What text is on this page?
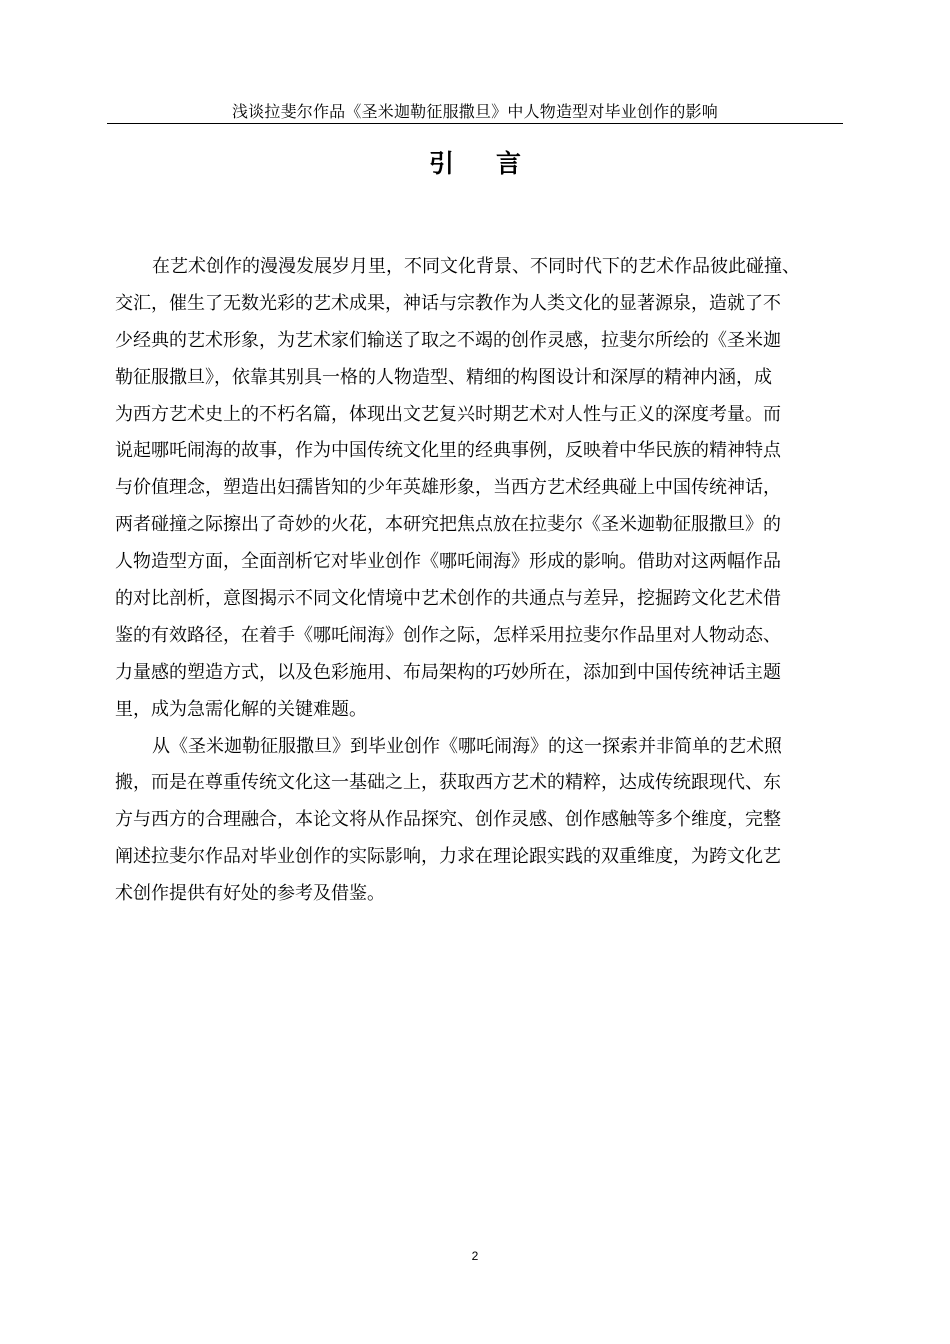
浅谈拉斐尔作品《圣米迦勒征服撒旦》中人物造型对毕业创作的影响
引言
在艺术创作的漫漫发展岁月里，不同文化背景、不同时代下的艺术作品彼此碰撞、
交汇，催生了无数光彩的艺术成果，神话与宗教作为人类文化的显著源泉，造就了不
少经典的艺术形象，为艺术家们输送了取之不竭的创作灵感，拉斐尔所绘的《圣米迦
勒征服撒旦》，依靠其别具一格的人物造型、精细的构图设计和深厚的精神内涵，成
为西方艺术史上的不朽名篇，体现出文艺复兴时期艺术对人性与正义的深度考量。而
说起哪吒闹海的故事，作为中国传统文化里的经典事例，反映着中华民族的精神特点
与价值理念，塑造出妇孺皆知的少年英雄形象，当西方艺术经典碰上中国传统神话，
两者碰撞之际擦出了奇妙的火花，本研究把焦点放在拉斐尔《圣米迦勒征服撒旦》的
人物造型方面，全面剖析它对毕业创作《哪吒闹海》形成的影响。借助对这两幅作品
的对比剖析，意图揭示不同文化情境中艺术创作的共通点与差异，挖掘跨文化艺术借
鉴的有效路径，在着手《哪吒闹海》创作之际，怎样采用拉斐尔作品里对人物动态、
力量感的塑造方式，以及色彩施用、布局架构的巧妙所在，添加到中国传统神话主题
里，成为急需化解的关键难题。
从《圣米迦勒征服撒旦》到毕业创作《哪吒闹海》的这一探索并非简单的艺术照
搬，而是在尊重传统文化这一基础之上，获取西方艺术的精粹，达成传统跟现代、东
方与西方的合理融合，本论文将从作品探究、创作灵感、创作感触等多个维度，完整
阐述拉斐尔作品对毕业创作的实际影响，力求在理论跟实践的双重维度，为跨文化艺
术创作提供有好处的参考及借鉴。
2
